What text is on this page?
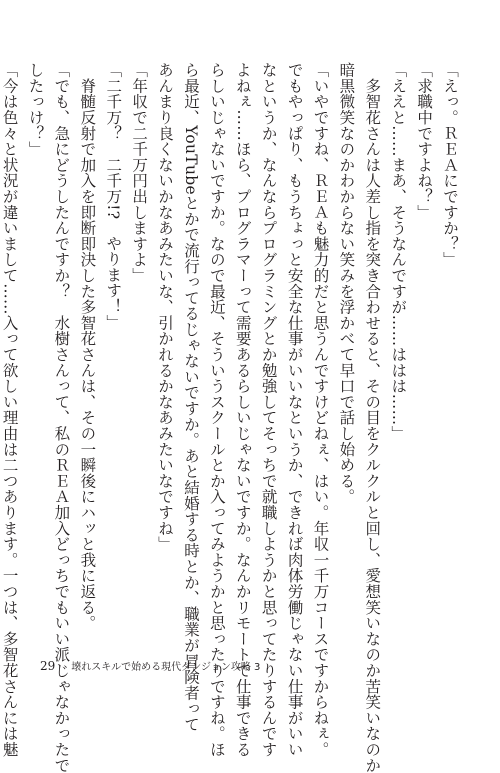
「えっ。ＲＥＡにですか？」

「求職中ですよね？」

「ええと……まあ、そうなんですが……ははは……」

　多智花さんは人差し指を突き合わせると、その目をクルクルと回し、愛想笑いなのか苦笑いなのか

暗黒微笑なのかわからない笑みを浮かべて早口で話し始める。

「いやですね、ＲＥＡも魅力的だと思うんですけどねぇ、はい。年収一千万コースですからねぇ。

でもやっぱり、もうちょっと安全な仕事がいいなというか、できれば肉体労働じゃない仕事がいい

なというか、なんならプログラミングとか勉強してそっちで就職しようかと思ってたりするんです

よねぇ……ほら、プログラマーって需要あるらしいじゃないですか。なんかリモートで仕事できる

らしいじゃないですか。なので最近、そういうスクールとか入ってみようかと思ったりですね。ほ

ら最近、YouTubeとかで流行ってるじゃないですか。あと結婚する時とか、職業が冒険者って

あんまり良くないかなあみたいな、引かれるかなあみたいなですね」

「年収で二千万円出しますよ」

「二千万？　二千万!?　やります！」

　脊髄反射で加入を即断即決した多智花さんは、その一瞬後にハッと我に返る。

「でも、急にどうしたんですか？　水樹さんって、私のＲＥＡ加入どっちでもいい派じゃなかったで

したっけ？」

「今は色々と状況が違いまして……入って欲しい理由は二つあります。一つは、多智花さんには魅 29 壊れスキルで始める現代ダンジョン攻略 3
